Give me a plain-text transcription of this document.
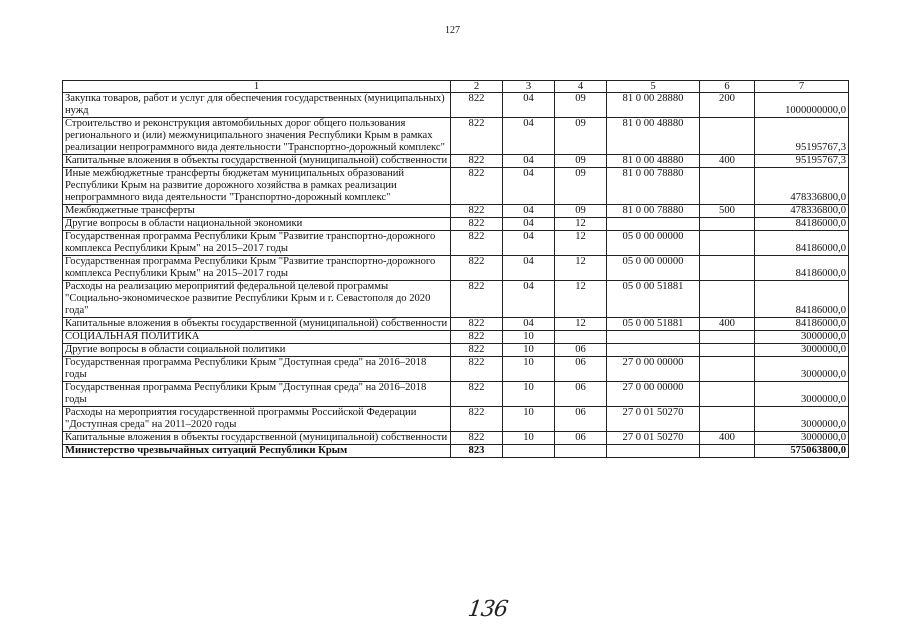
127
1	2	3	4	5	6	7
Закупка товаров, работ и услуг для обеспечения государственных (муниципальных) нужд	822	04	09	81 0 00 28880	200	1000000000,0
Строительство и реконструкция автомобильных дорог общего пользования регионального и (или) межмуниципального значения Республики Крым в рамках реализации непрограммного вида деятельности "Транспортно-дорожный комплекс"	822	04	09	81 0 00 48880		95195767,3
Капитальные вложения в объекты государственной (муниципальной) собственности	822	04	09	81 0 00 48880	400	95195767,3
Иные межбюджетные трансферты бюджетам муниципальных образований Республики Крым на развитие дорожного хозяйства в рамках реализации непрограммного вида деятельности "Транспортно-дорожный комплекс"	822	04	09	81 0 00 78880		478336800,0
Межбюджетные трансферты	822	04	09	81 0 00 78880	500	478336800,0
Другие вопросы в области национальной экономики	822	04	12			84186000,0
Государственная программа Республики Крым "Развитие транспортно-дорожного комплекса Республики Крым" на 2015–2017 годы	822	04	12	05 0 00 00000		84186000,0
Государственная программа Республики Крым "Развитие транспортно-дорожного комплекса Республики Крым" на 2015–2017 годы	822	04	12	05 0 00 00000		84186000,0
Расходы на реализацию мероприятий федеральной целевой программы "Социально-экономическое развитие Республики Крым и г. Севастополя до 2020 года"	822	04	12	05 0 00 51881		84186000,0
Капитальные вложения в объекты государственной (муниципальной) собственности	822	04	12	05 0 00 51881	400	84186000,0
СОЦИАЛЬНАЯ ПОЛИТИКА	822	10				3000000,0
Другие вопросы в области социальной политики	822	10	06			3000000,0
Государственная программа Республики Крым "Доступная среда" на 2016–2018 годы	822	10	06	27 0 00 00000		3000000,0
Государственная программа Республики Крым "Доступная среда" на 2016–2018 годы	822	10	06	27 0 00 00000		3000000,0
Расходы на мероприятия государственной программы Российской Федерации "Доступная среда" на 2011–2020 годы	822	10	06	27 0 01 50270		3000000,0
Капитальные вложения в объекты государственной (муниципальной) собственности	822	10	06	27 0 01 50270	400	3000000,0
Министерство чрезвычайных ситуаций Республики Крым	823					575063800,0
136
